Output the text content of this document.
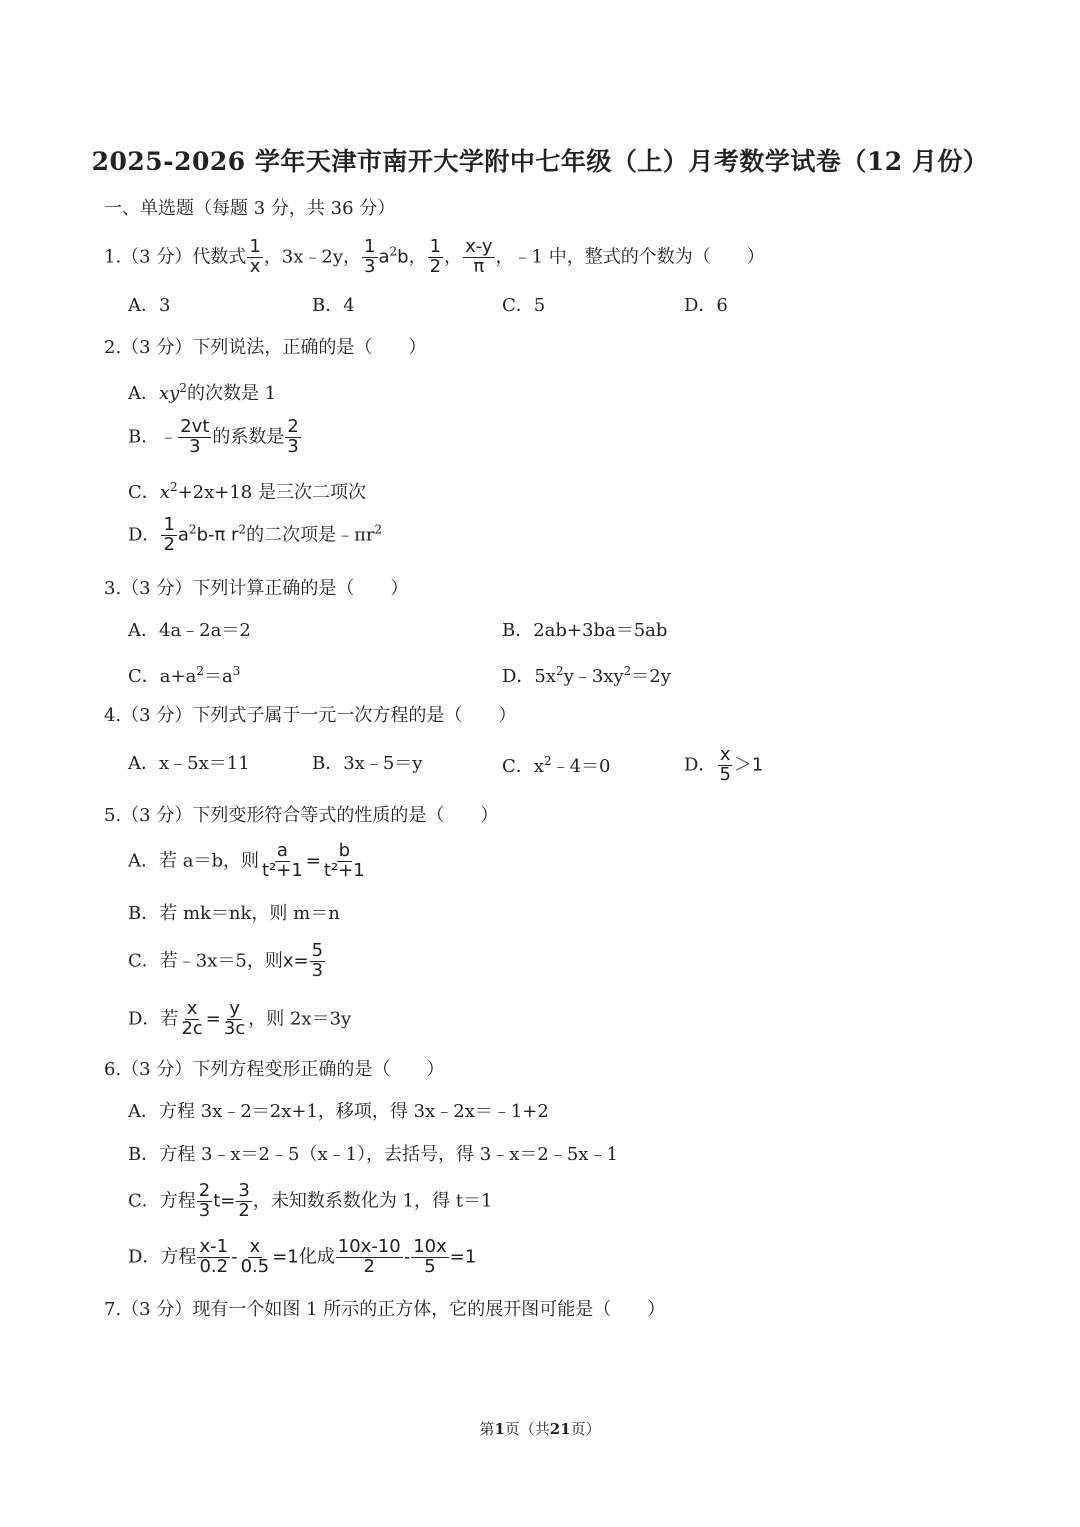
2025-2026 学年天津市南开大学附中七年级（上）月考数学试卷（12 月份）
一、单选题（每题 3 分，共 36 分）
1.（3 分）代数式 $\frac{1}{x}$ ，3x﹣2y， $\frac{1}{3} a^2b$， $\frac{1}{2}$ ， $\frac{x-y}{\pi}$ ，﹣1 中，整式的个数为（　　）
A．3	B．4	C．5	D．6
2.（3 分）下列说法，正确的是（　　）
A．$xy^2$的次数是 1
B．﹣ $\frac{2vt}{3}$ 的系数是 $\frac{2}{3}$
C．$x^2+2x+18$ 是三次二项次
D． $\frac{1}{2} a^2b-\pi$ $r^2$的二次项是$﹣\pi r^2$
3.（3 分）下列计算正确的是（　　）
A．4a﹣2a＝2	B．2ab+3ba＝5ab
C．$a+a^2=a^3$	D．$5x^2y﹣3xy^2=2y$
4.（3 分）下列式子属于一元一次方程的是（　　）
A．x﹣5x＝11	B．3x﹣5＝y	C．$x^2﹣4=0$	D． $\frac{x}{5} >1$
5.（3 分）下列变形符合等式的性质的是（　　）
A．若 a＝b，则 $\frac{a}{\text{t²+1}} = \frac{b}{\text{t²+1}}$
B．若 mk＝nk，则 m＝n
C．若﹣3x＝5，则$x= \frac{5}{3}$
D．若 $\frac{x}{2c} = \frac{y}{3c}$ ，则 2x＝3y
6.（3 分）下列方程变形正确的是（　　）
A．方程 3x﹣2＝2x+1，移项，得 3x﹣2x＝﹣1+2
B．方程 3﹣x＝2﹣5（x﹣1），去括号，得 3﹣x＝2﹣5x﹣1
C．方程 $\frac{2}{3} t= \frac{3}{2}$ ，未知数系数化为 1，得 t＝1
D．方程 $\frac{x-1}{0.2} - \frac{x}{0.5} =1$化成 $\frac{10x-10}{2} - \frac{10x}{5} =1$
7.（3 分）现有一个如图 1 所示的正方体，它的展开图可能是（　　）
第1页（共21页）
